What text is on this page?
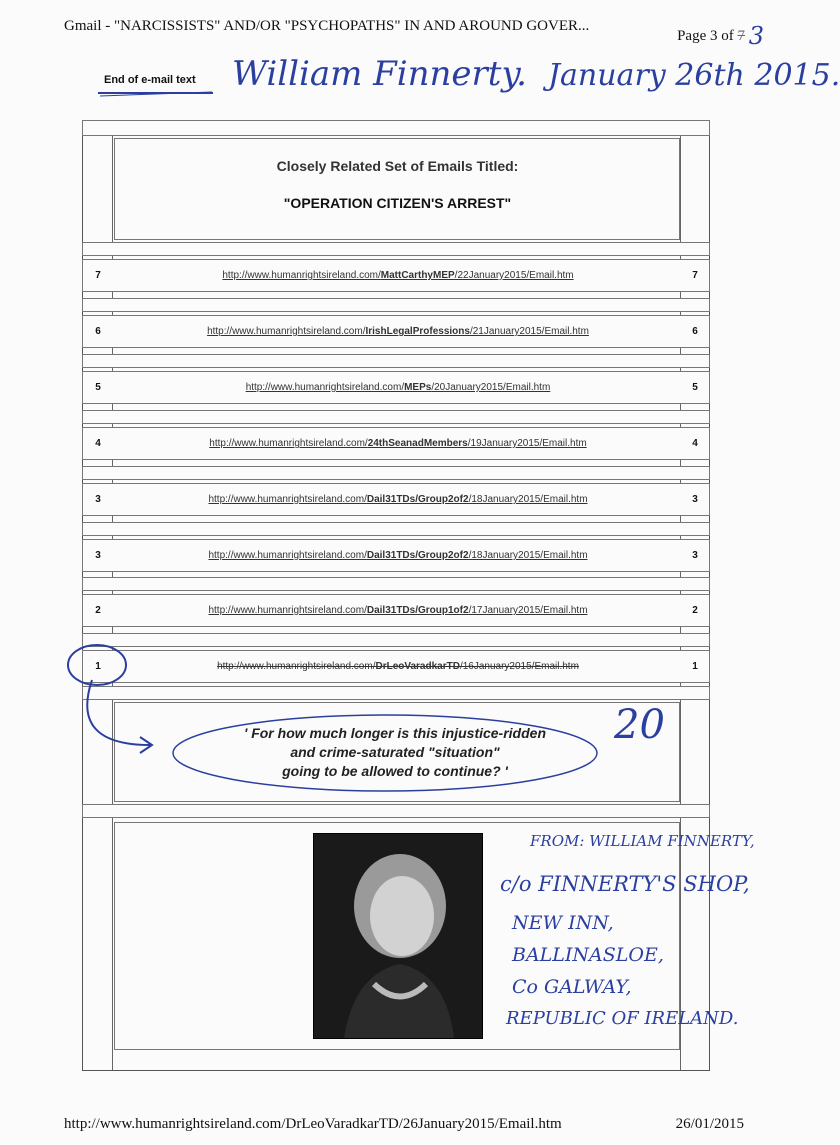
Gmail - "NARCISSISTS" AND/OR "PSYCHOPATHS" IN AND AROUND GOVER...
Page 3 of 7 3
William Finnerty. January 26th 2015.
End of e-mail text
Closely Related Set of Emails Titled:
"OPERATION CITIZEN'S ARREST"
7	http://www.humanrightsireland.com/MattCarthyMEP/22January2015/Email.htm	7
6	http://www.humanrightsireland.com/IrishLegalProfessions/21January2015/Email.htm	6
5	http://www.humanrightsireland.com/MEPs/20January2015/Email.htm	5
4	http://www.humanrightsireland.com/24thSeanadMembers/19January2015/Email.htm	4
3	http://www.humanrightsireland.com/Dail31TDs/Group2of2/18January2015/Email.htm	3
3	http://www.humanrightsireland.com/Dail31TDs/Group2of2/18January2015/Email.htm	3
2	http://www.humanrightsireland.com/Dail31TDs/Group1of2/17January2015/Email.htm	2
1	http://www.humanrightsireland.com/DrLeoVaradkarTD/16January2015/Email.htm	1
' For how much longer is this injustice-ridden
and crime-saturated "situation"
going to be allowed to continue? '
20
FROM: WILLIAM FINNERTY,
c/o FINNERTY'S SHOP,
NEW INN,
BALLINASLOE,
Co GALWAY,
REPUBLIC OF IRELAND.
http://www.humanrightsireland.com/DrLeoVaradkarTD/26January2015/Email.htm	26/01/2015
